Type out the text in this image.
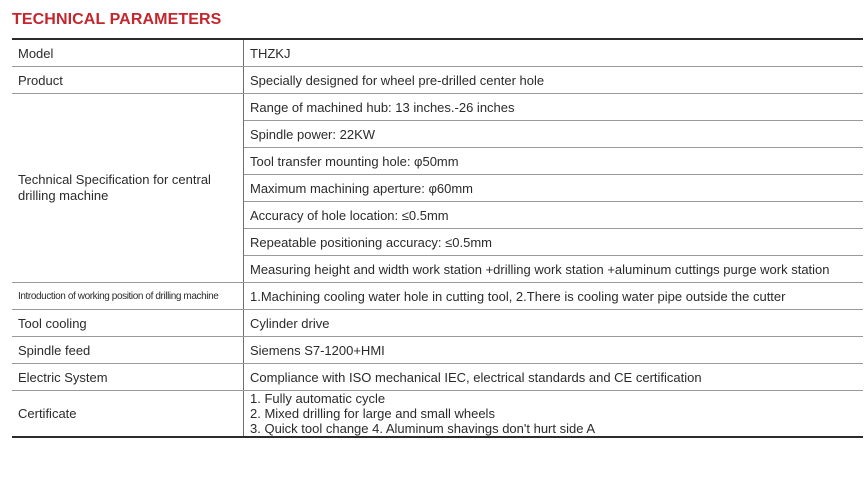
TECHNICAL PARAMETERS
Model	THZKJ
Product	Specially designed for wheel pre-drilled center hole
Technical Specification for central drilling machine	Range of machined hub: 13 inches.-26 inches
	Spindle power: 22KW
	Tool transfer mounting hole: φ50mm
	Maximum machining aperture: φ60mm
	Accuracy of hole location: ≤0.5mm
	Repeatable positioning accuracy: ≤0.5mm
	Measuring height and width work station +drilling work station +aluminum cuttings purge work station
Introduction of working position of drilling machine	1.Machining cooling water hole in cutting tool, 2.There is cooling water pipe outside the cutter
Tool cooling	Cylinder drive
Spindle feed	Siemens S7-1200+HMI
Electric System	Compliance with ISO mechanical IEC, electrical standards and CE certification
Certificate	1. Fully automatic cycle
2. Mixed drilling for large and small wheels
3. Quick tool change 4. Aluminum shavings don't hurt side A
